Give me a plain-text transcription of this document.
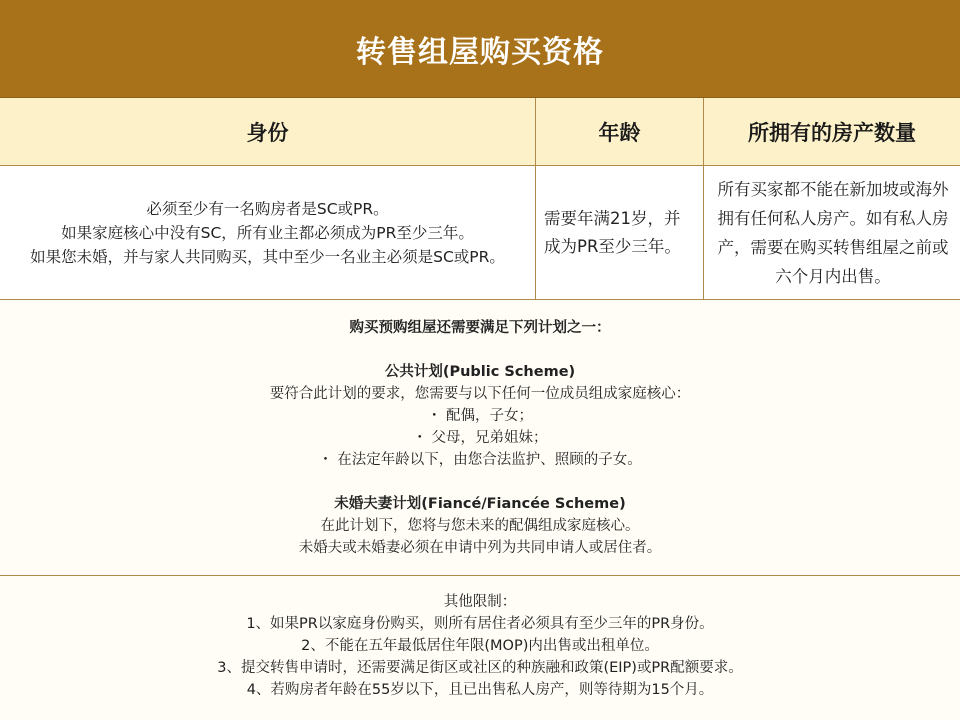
转售组屋购买资格
身份	年龄	所拥有的房产数量
必须至少有一名购房者是SC或PR。
如果家庭核心中没有SC，所有业主都必须成为PR至少三年。
如果您未婚，并与家人共同购买，其中至少一名业主必须是SC或PR。
需要年满21岁，并成为PR至少三年。
所有买家都不能在新加坡或海外拥有任何私人房产。如有私人房产，需要在购买转售组屋之前或六个月内出售。
购买预购组屋还需要满足下列计划之一：
公共计划(Public Scheme)
要符合此计划的要求，您需要与以下任何一位成员组成家庭核心：
・ 配偶，子女；
・ 父母，兄弟姐妹；
・ 在法定年龄以下，由您合法监护、照顾的子女。
未婚夫妻计划(Fiancé/Fiancée Scheme)
在此计划下，您将与您未来的配偶组成家庭核心。
未婚夫或未婚妻必须在申请中列为共同申请人或居住者。
其他限制：
1、如果PR以家庭身份购买，则所有居住者必须具有至少三年的PR身份。
2、不能在五年最低居住年限(MOP)内出售或出租单位。
3、提交转售申请时，还需要满足街区或社区的种族融和政策(EIP)或PR配额要求。
4、若购房者年龄在55岁以下，且已出售私人房产，则等待期为15个月。
